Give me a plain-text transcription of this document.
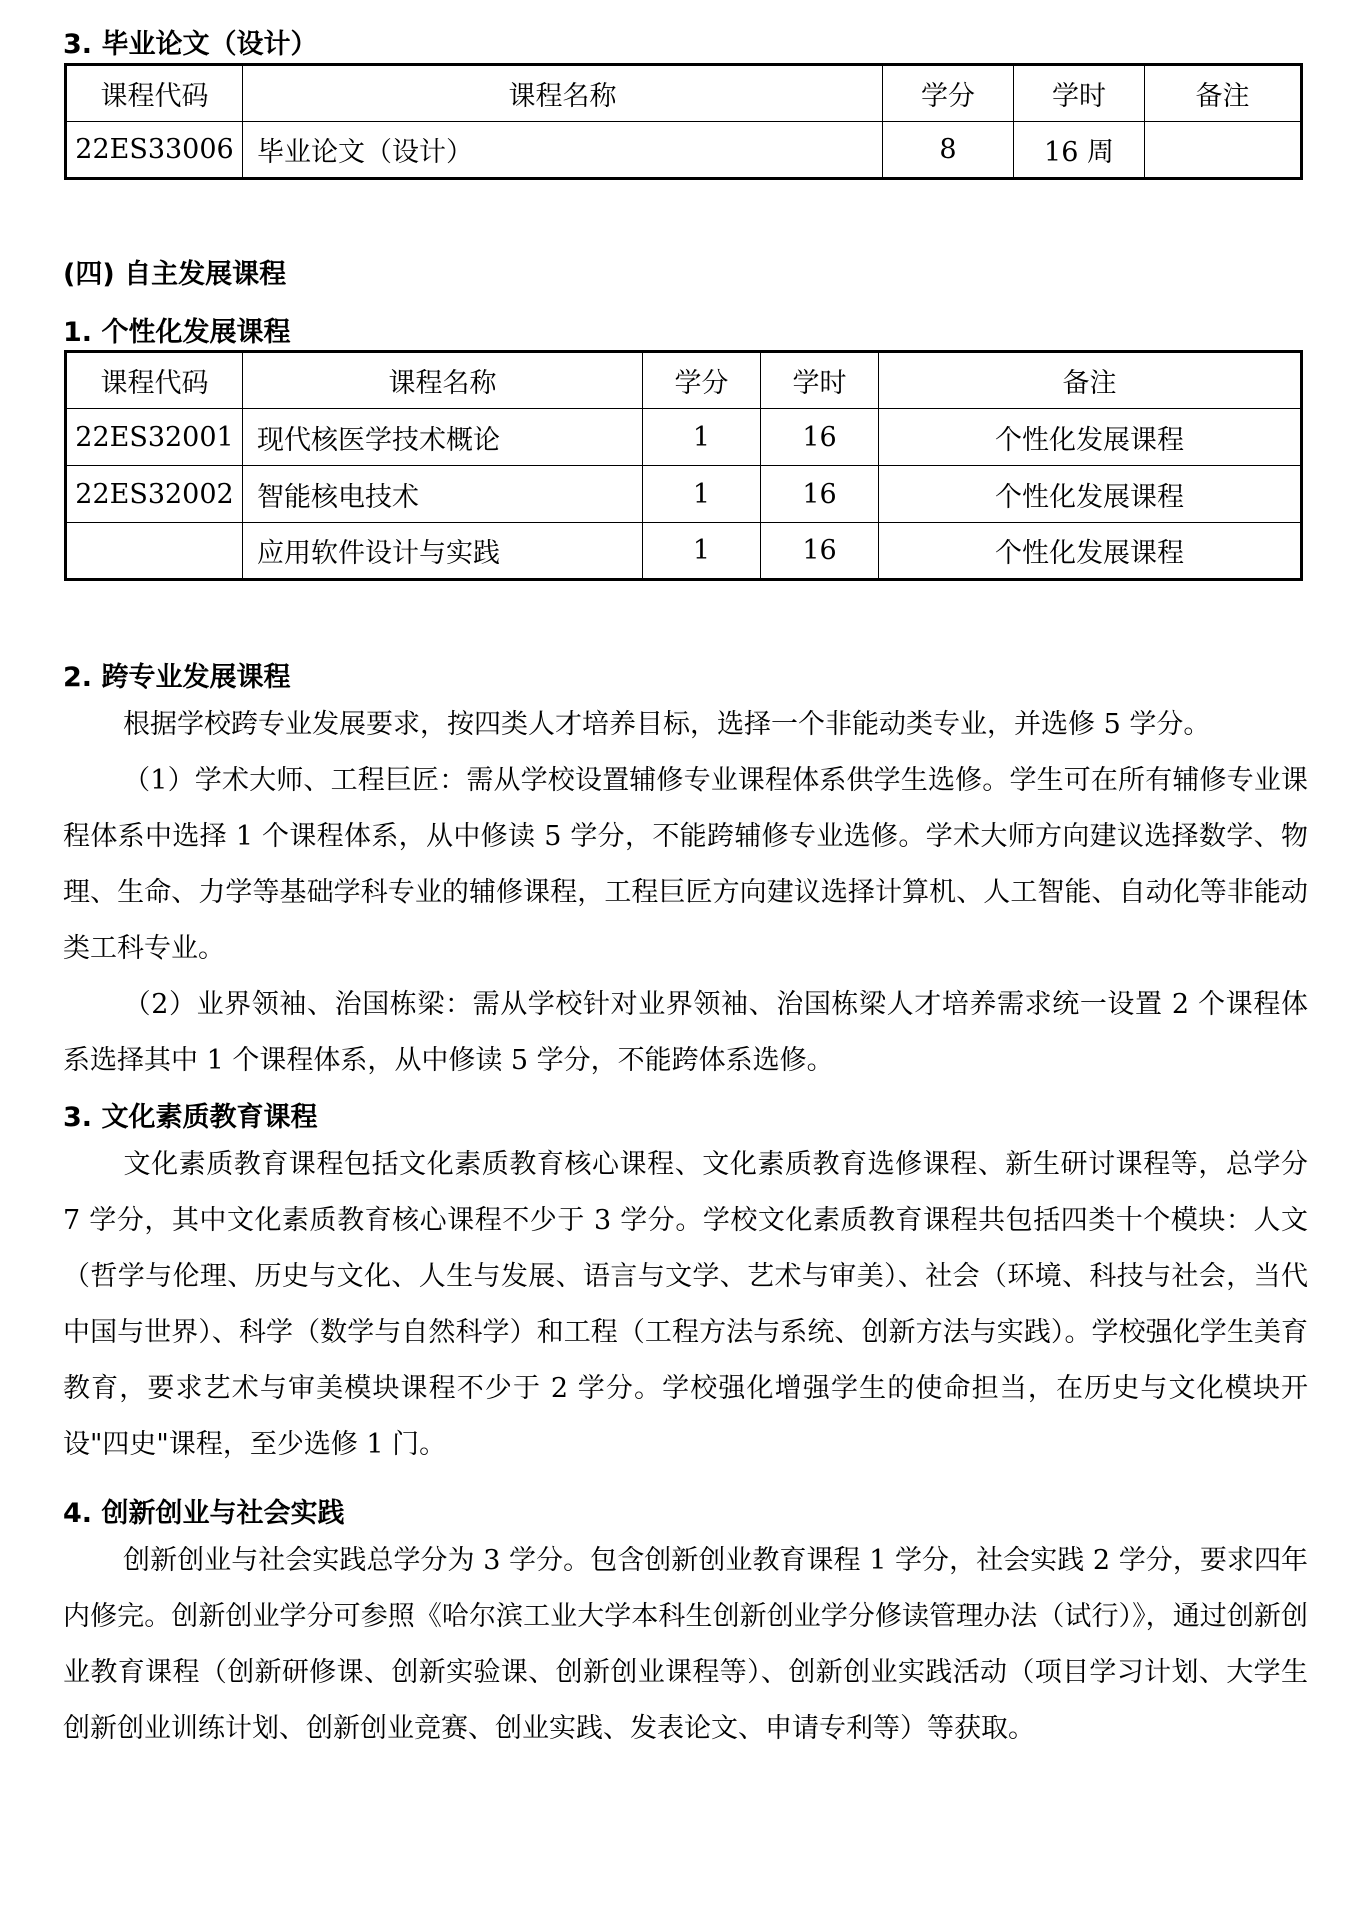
3. 毕业论文（设计）
课程代码	课程名称	学分	学时	备注
22ES33006	毕业论文（设计）	8	16 周	
(四) 自主发展课程
1. 个性化发展课程
课程代码	课程名称	学分	学时	备注
22ES32001	现代核医学技术概论	1	16	个性化发展课程
22ES32002	智能核电技术	1	16	个性化发展课程
	应用软件设计与实践	1	16	个性化发展课程
2. 跨专业发展课程
根据学校跨专业发展要求，按四类人才培养目标，选择一个非能动类专业，并选修 5 学分。
（1）学术大师、工程巨匠：需从学校设置辅修专业课程体系供学生选修。学生可在所有辅修专业课程体系中选择 1 个课程体系，从中修读 5 学分，不能跨辅修专业选修。学术大师方向建议选择数学、物理、生命、力学等基础学科专业的辅修课程，工程巨匠方向建议选择计算机、人工智能、自动化等非能动类工科专业。
（2）业界领袖、治国栋梁：需从学校针对业界领袖、治国栋梁人才培养需求统一设置 2 个课程体系选择其中 1 个课程体系，从中修读 5 学分，不能跨体系选修。
3. 文化素质教育课程
文化素质教育课程包括文化素质教育核心课程、文化素质教育选修课程、新生研讨课程等，总学分 7 学分，其中文化素质教育核心课程不少于 3 学分。学校文化素质教育课程共包括四类十个模块：人文（哲学与伦理、历史与文化、人生与发展、语言与文学、艺术与审美）、社会（环境、科技与社会，当代中国与世界）、科学（数学与自然科学）和工程（工程方法与系统、创新方法与实践）。学校强化学生美育教育，要求艺术与审美模块课程不少于 2 学分。学校强化增强学生的使命担当，在历史与文化模块开设"四史"课程，至少选修 1 门。
4. 创新创业与社会实践
创新创业与社会实践总学分为 3 学分。包含创新创业教育课程 1 学分，社会实践 2 学分，要求四年内修完。创新创业学分可参照《哈尔滨工业大学本科生创新创业学分修读管理办法（试行）》，通过创新创业教育课程（创新研修课、创新实验课、创新创业课程等）、创新创业实践活动（项目学习计划、大学生创新创业训练计划、创新创业竞赛、创业实践、发表论文、申请专利等）等获取。
